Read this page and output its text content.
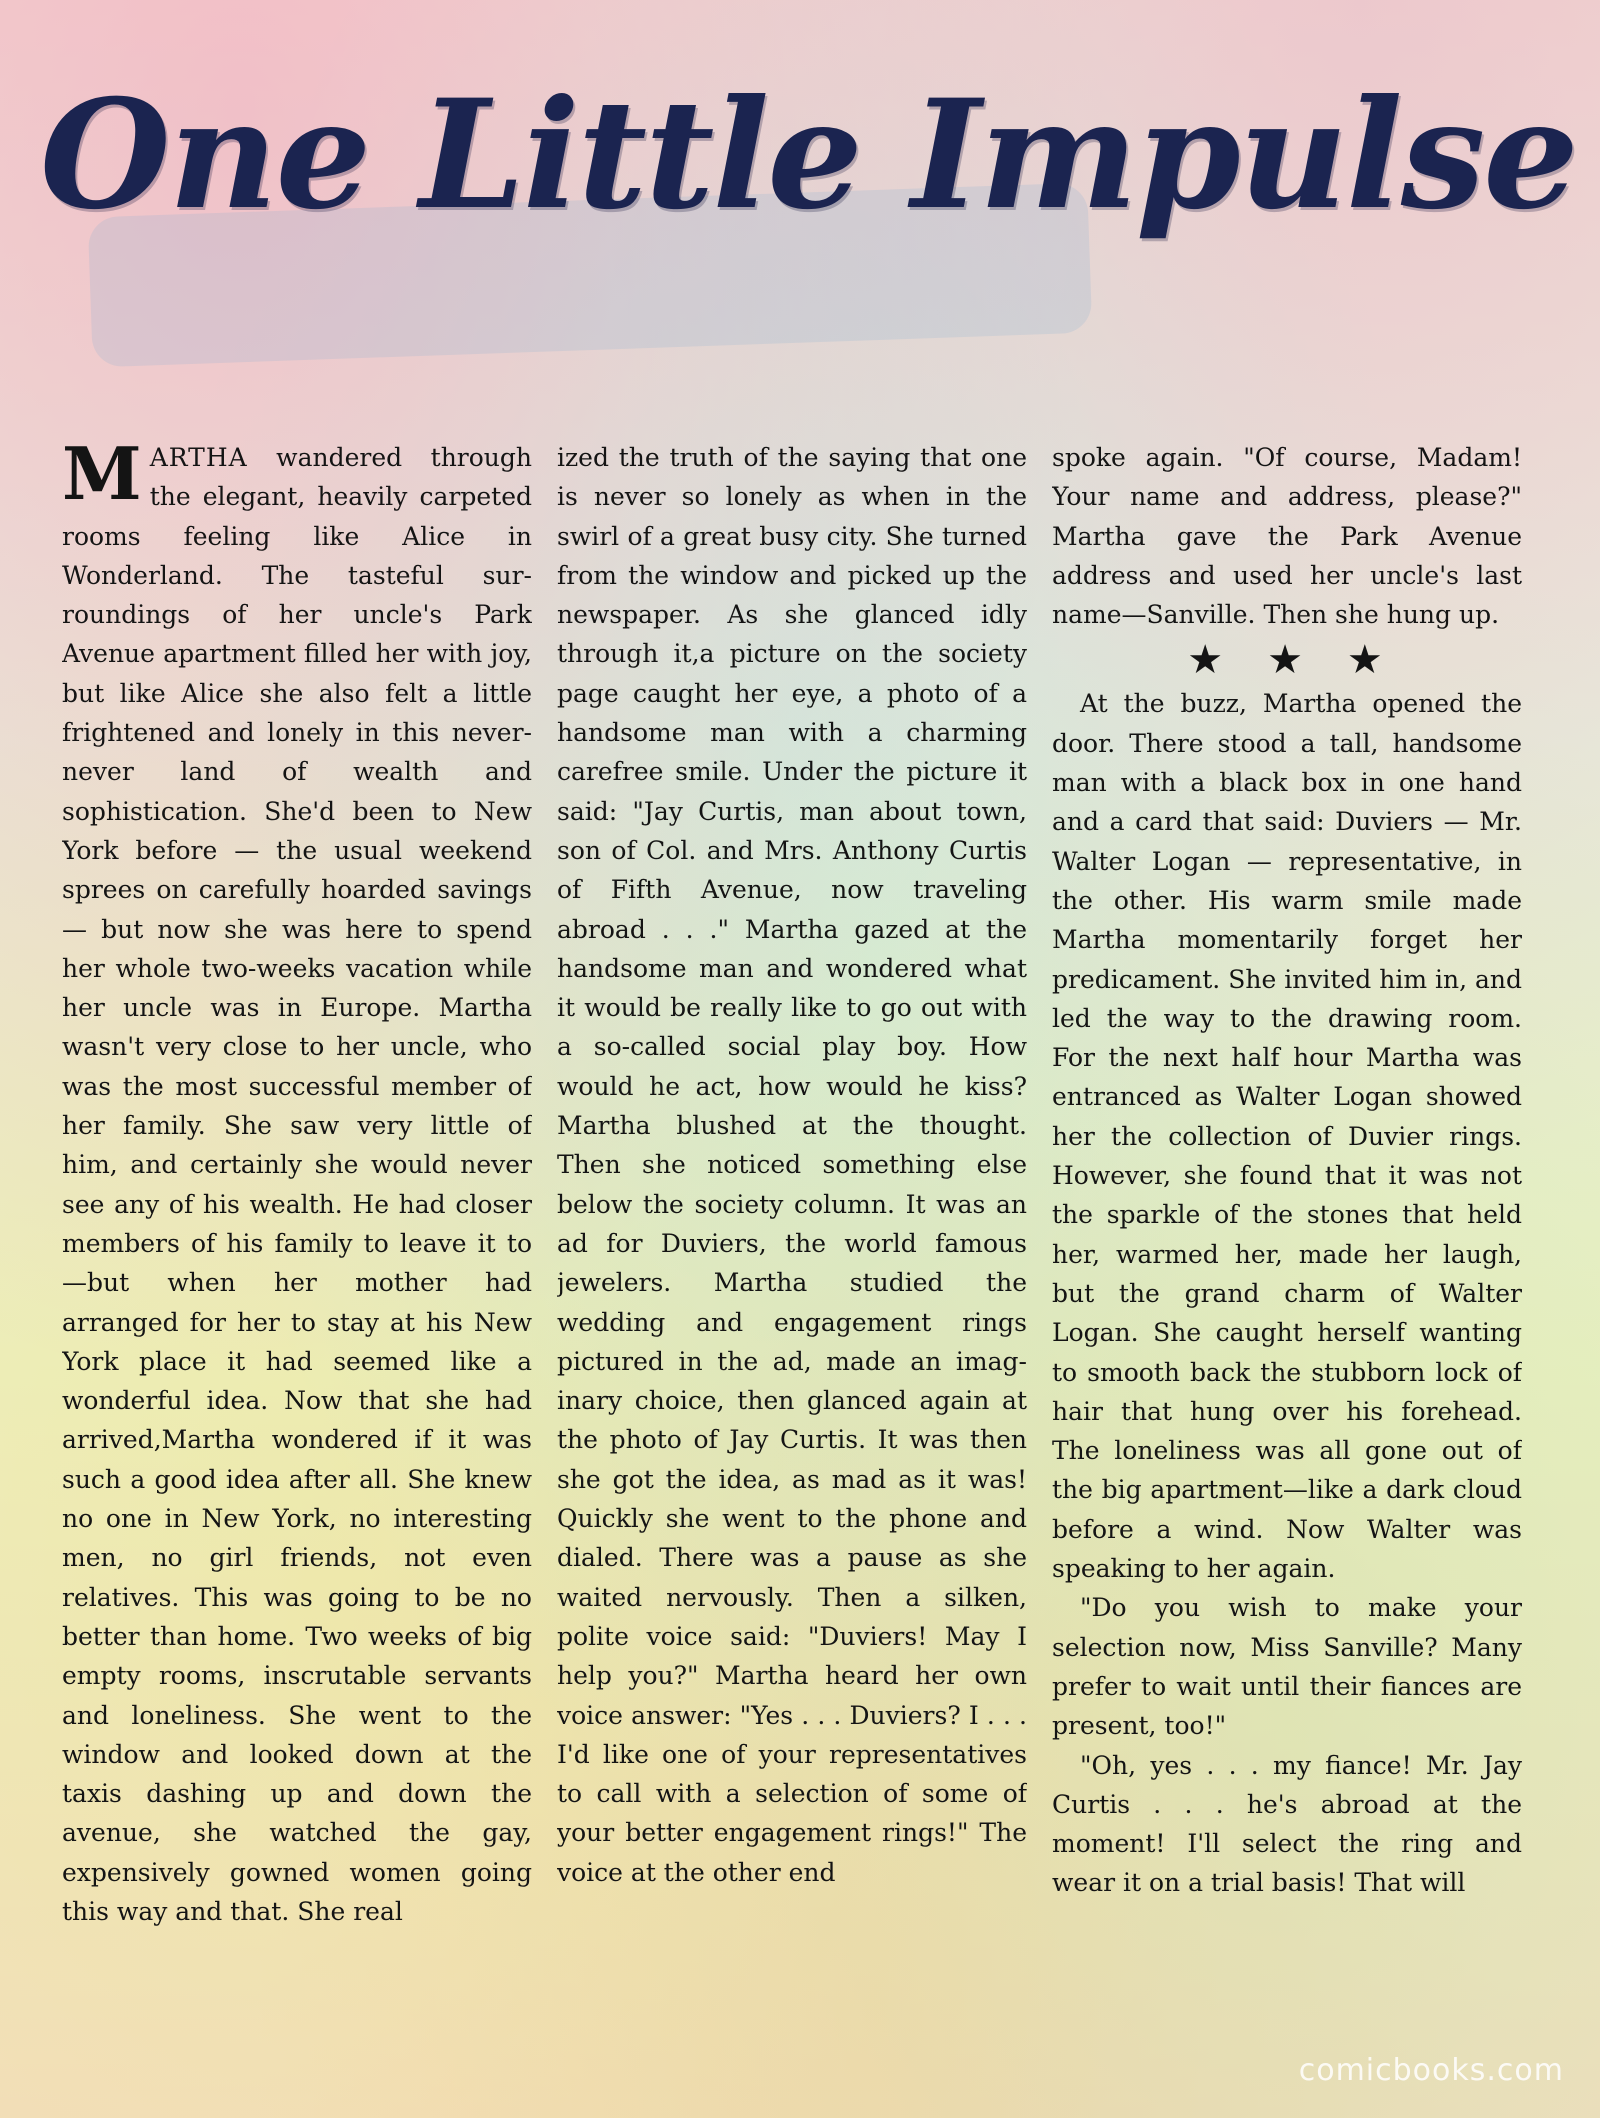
One Little Impulse

MARTHA wandered through the elegant, heavily carpeted rooms feeling like Alice in Wonderland. The tasteful surroundings of her uncle's Park Avenue apartment filled her with joy, but like Alice she also felt a little frightened and lonely in this never-never land of wealth and sophistication. She'd been to New York before — the usual weekend sprees on carefully hoarded savings — but now she was here to spend her whole two-weeks vacation while her uncle was in Europe. Martha wasn't very close to her uncle, who was the most successful member of her family. She saw very little of him, and certainly she would never see any of his wealth. He had closer members of his family to leave it to—but when her mother had arranged for her to stay at his New York place it had seemed like a wonderful idea. Now that she had arrived,Martha wondered if it was such a good idea after all. She knew no one in New York, no interesting men, no girl friends, not even relatives. This was going to be no better than home. Two weeks of big empty rooms, inscrutable servants and loneliness. She went to the window and looked down at the taxis dashing up and down the avenue, she watched the gay, expensively gowned women going this way and that. She real

ized the truth of the saying that one is never so lonely as when in the swirl of a great busy city. She turned from the window and picked up the newspaper. As she glanced idly through it,a picture on the society page caught her eye, a photo of a handsome man with a charming carefree smile. Under the picture it said: "Jay Curtis, man about town, son of Col. and Mrs. Anthony Curtis of Fifth Avenue, now traveling abroad . . ." Martha gazed at the handsome man and wondered what it would be really like to go out with a so-called social play boy. How would he act, how would he kiss? Martha blushed at the thought. Then she noticed something else below the society column. It was an ad for Duviers, the world famous jewelers. Martha studied the wedding and engagement rings pictured in the ad, made an imaginary choice, then glanced again at the photo of Jay Curtis. It was then she got the idea, as mad as it was! Quickly she went to the phone and dialed. There was a pause as she waited nervously. Then a silken, polite voice said: "Duviers! May I help you?" Martha heard her own voice answer: "Yes . . . Duviers? I . . . I'd like one of your representatives to call with a selection of some of your better engagement rings!" The voice at the other end

spoke again. "Of course, Madam! Your name and address, please?" Martha gave the Park Avenue address and used her uncle's last name—Sanville. Then she hung up.

★★★

At the buzz, Martha opened the door. There stood a tall, handsome man with a black box in one hand and a card that said: Duviers — Mr. Walter Logan — representative, in the other. His warm smile made Martha momentarily forget her predicament. She invited him in, and led the way to the drawing room. For the next half hour Martha was entranced as Walter Logan showed her the collection of Duvier rings. However, she found that it was not the sparkle of the stones that held her, warmed her, made her laugh, but the grand charm of Walter Logan. She caught herself wanting to smooth back the stubborn lock of hair that hung over his forehead. The loneliness was all gone out of the big apartment—like a dark cloud before a wind. Now Walter was speaking to her again.

"Do you wish to make your selection now, Miss Sanville? Many prefer to wait until their fiances are present, too!"

"Oh, yes . . . my fiance! Mr. Jay Curtis . . . he's abroad at the moment! I'll select the ring and wear it on a trial basis! That will

comicbooks.com
